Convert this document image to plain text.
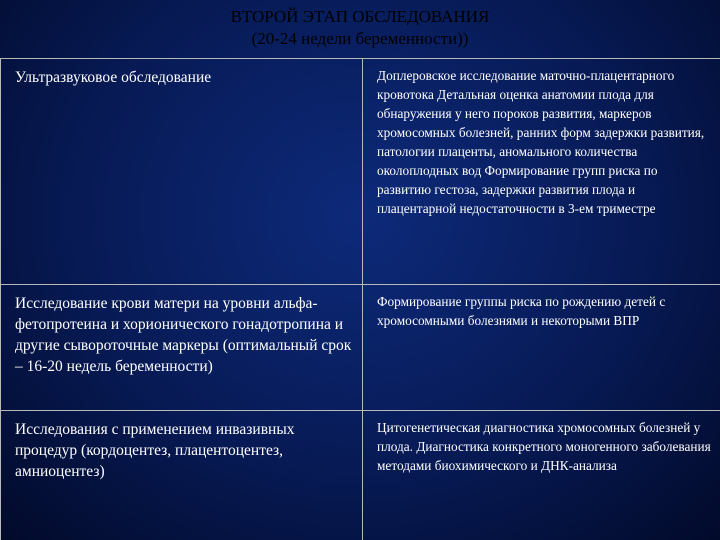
ВТОРОЙ ЭТАП ОБСЛЕДОВАНИЯ
(20-24 недели беременности))
Ультразвуковое обследование	Доплеровское исследование маточно-плацентарного кровотока Детальная оценка анатомии плода для обнаружения у него пороков развития, маркеров хромосомных болезней, ранних форм задержки развития, патологии плаценты, аномального количества околоплодных вод Формирование групп риска по развитию гестоза, задержки развития плода и плацентарной недостаточности в 3-ем триместре

Исследование крови матери на уровни альфа-фетопротеина и хорионического гонадотропина и другие сывороточные маркеры (оптимальный срок – 16-20 недель беременности)	Формирование группы риска по рождению детей с хромосомными болезнями и некоторыми ВПР

Исследования с применением инвазивных процедур (кордоцентез, плацентоцентез, амниоцентез)	Цитогенетическая диагностика хромосомных болезней у плода. Диагностика конкретного моногенного заболевания методами биохимического и ДНК-анализа
